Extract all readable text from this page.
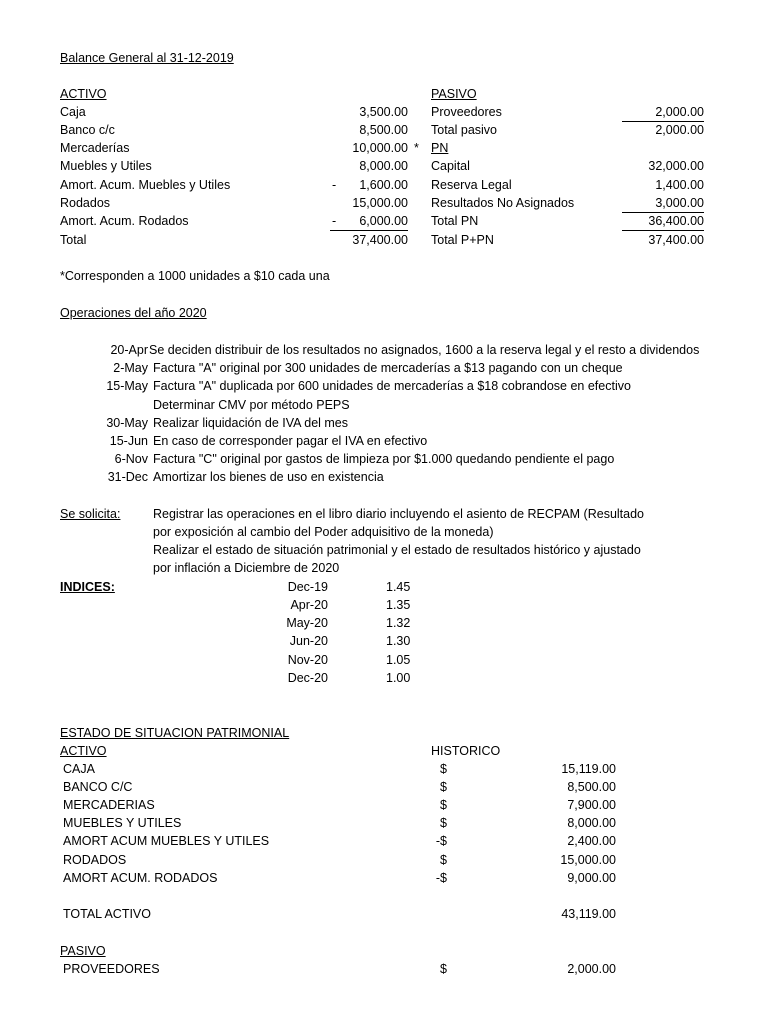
Balance General al 31-12-2019
ACTIVO	PASIVO
Caja	3,500.00
Banco c/c	8,500.00
Mercaderías	10,000.00 *
Muebles y Utiles	8,000.00
Amort. Acum. Muebles y Utiles	-	1,600.00
Rodados	15,000.00
Amort. Acum. Rodados	-	6,000.00
Total	37,400.00
Proveedores	2,000.00
Total pasivo	2,000.00
PN
Capital	32,000.00
Reserva Legal	1,400.00
Resultados No Asignados	3,000.00
Total PN	36,400.00
Total P+PN	37,400.00
*Corresponden a 1000 unidades a $10 cada una
Operaciones del año 2020
20-Apr Se deciden distribuir de los resultados no asignados, 1600 a la reserva legal y el resto a dividendos
2-May Factura "A" original por 300 unidades de mercaderías a $13 pagando con un cheque
15-May Factura "A" duplicada por 600 unidades de mercaderías a $18 cobrandose en efectivo
Determinar CMV por método PEPS
30-May Realizar liquidación de IVA del mes
15-Jun En caso de corresponder pagar el IVA en efectivo
6-Nov Factura "C" original por gastos de limpieza por $1.000 quedando pendiente el pago
31-Dec Amortizar los bienes de uso en existencia
Se solicita:	Registrar las operaciones en el libro diario incluyendo el asiento de RECPAM (Resultado
por exposición al cambio del Poder adquisitivo de la moneda)
Realizar el estado de situación patrimonial y el estado de resultados histórico y ajustado
por inflación a Diciembre de 2020
INDICES:	Dec-19	1.45
Apr-20	1.35
May-20	1.32
Jun-20	1.30
Nov-20	1.05
Dec-20	1.00
ESTADO DE SITUACION PATRIMONIAL
ACTIVO	HISTORICO
CAJA	$	15,119.00
BANCO C/C	$	8,500.00
MERCADERIAS	$	7,900.00
MUEBLES Y UTILES	$	8,000.00
AMORT ACUM MUEBLES Y UTILES	-$	2,400.00
RODADOS	$	15,000.00
AMORT ACUM. RODADOS	-$	9,000.00
TOTAL ACTIVO	43,119.00
PASIVO
PROVEEDORES	$	2,000.00
